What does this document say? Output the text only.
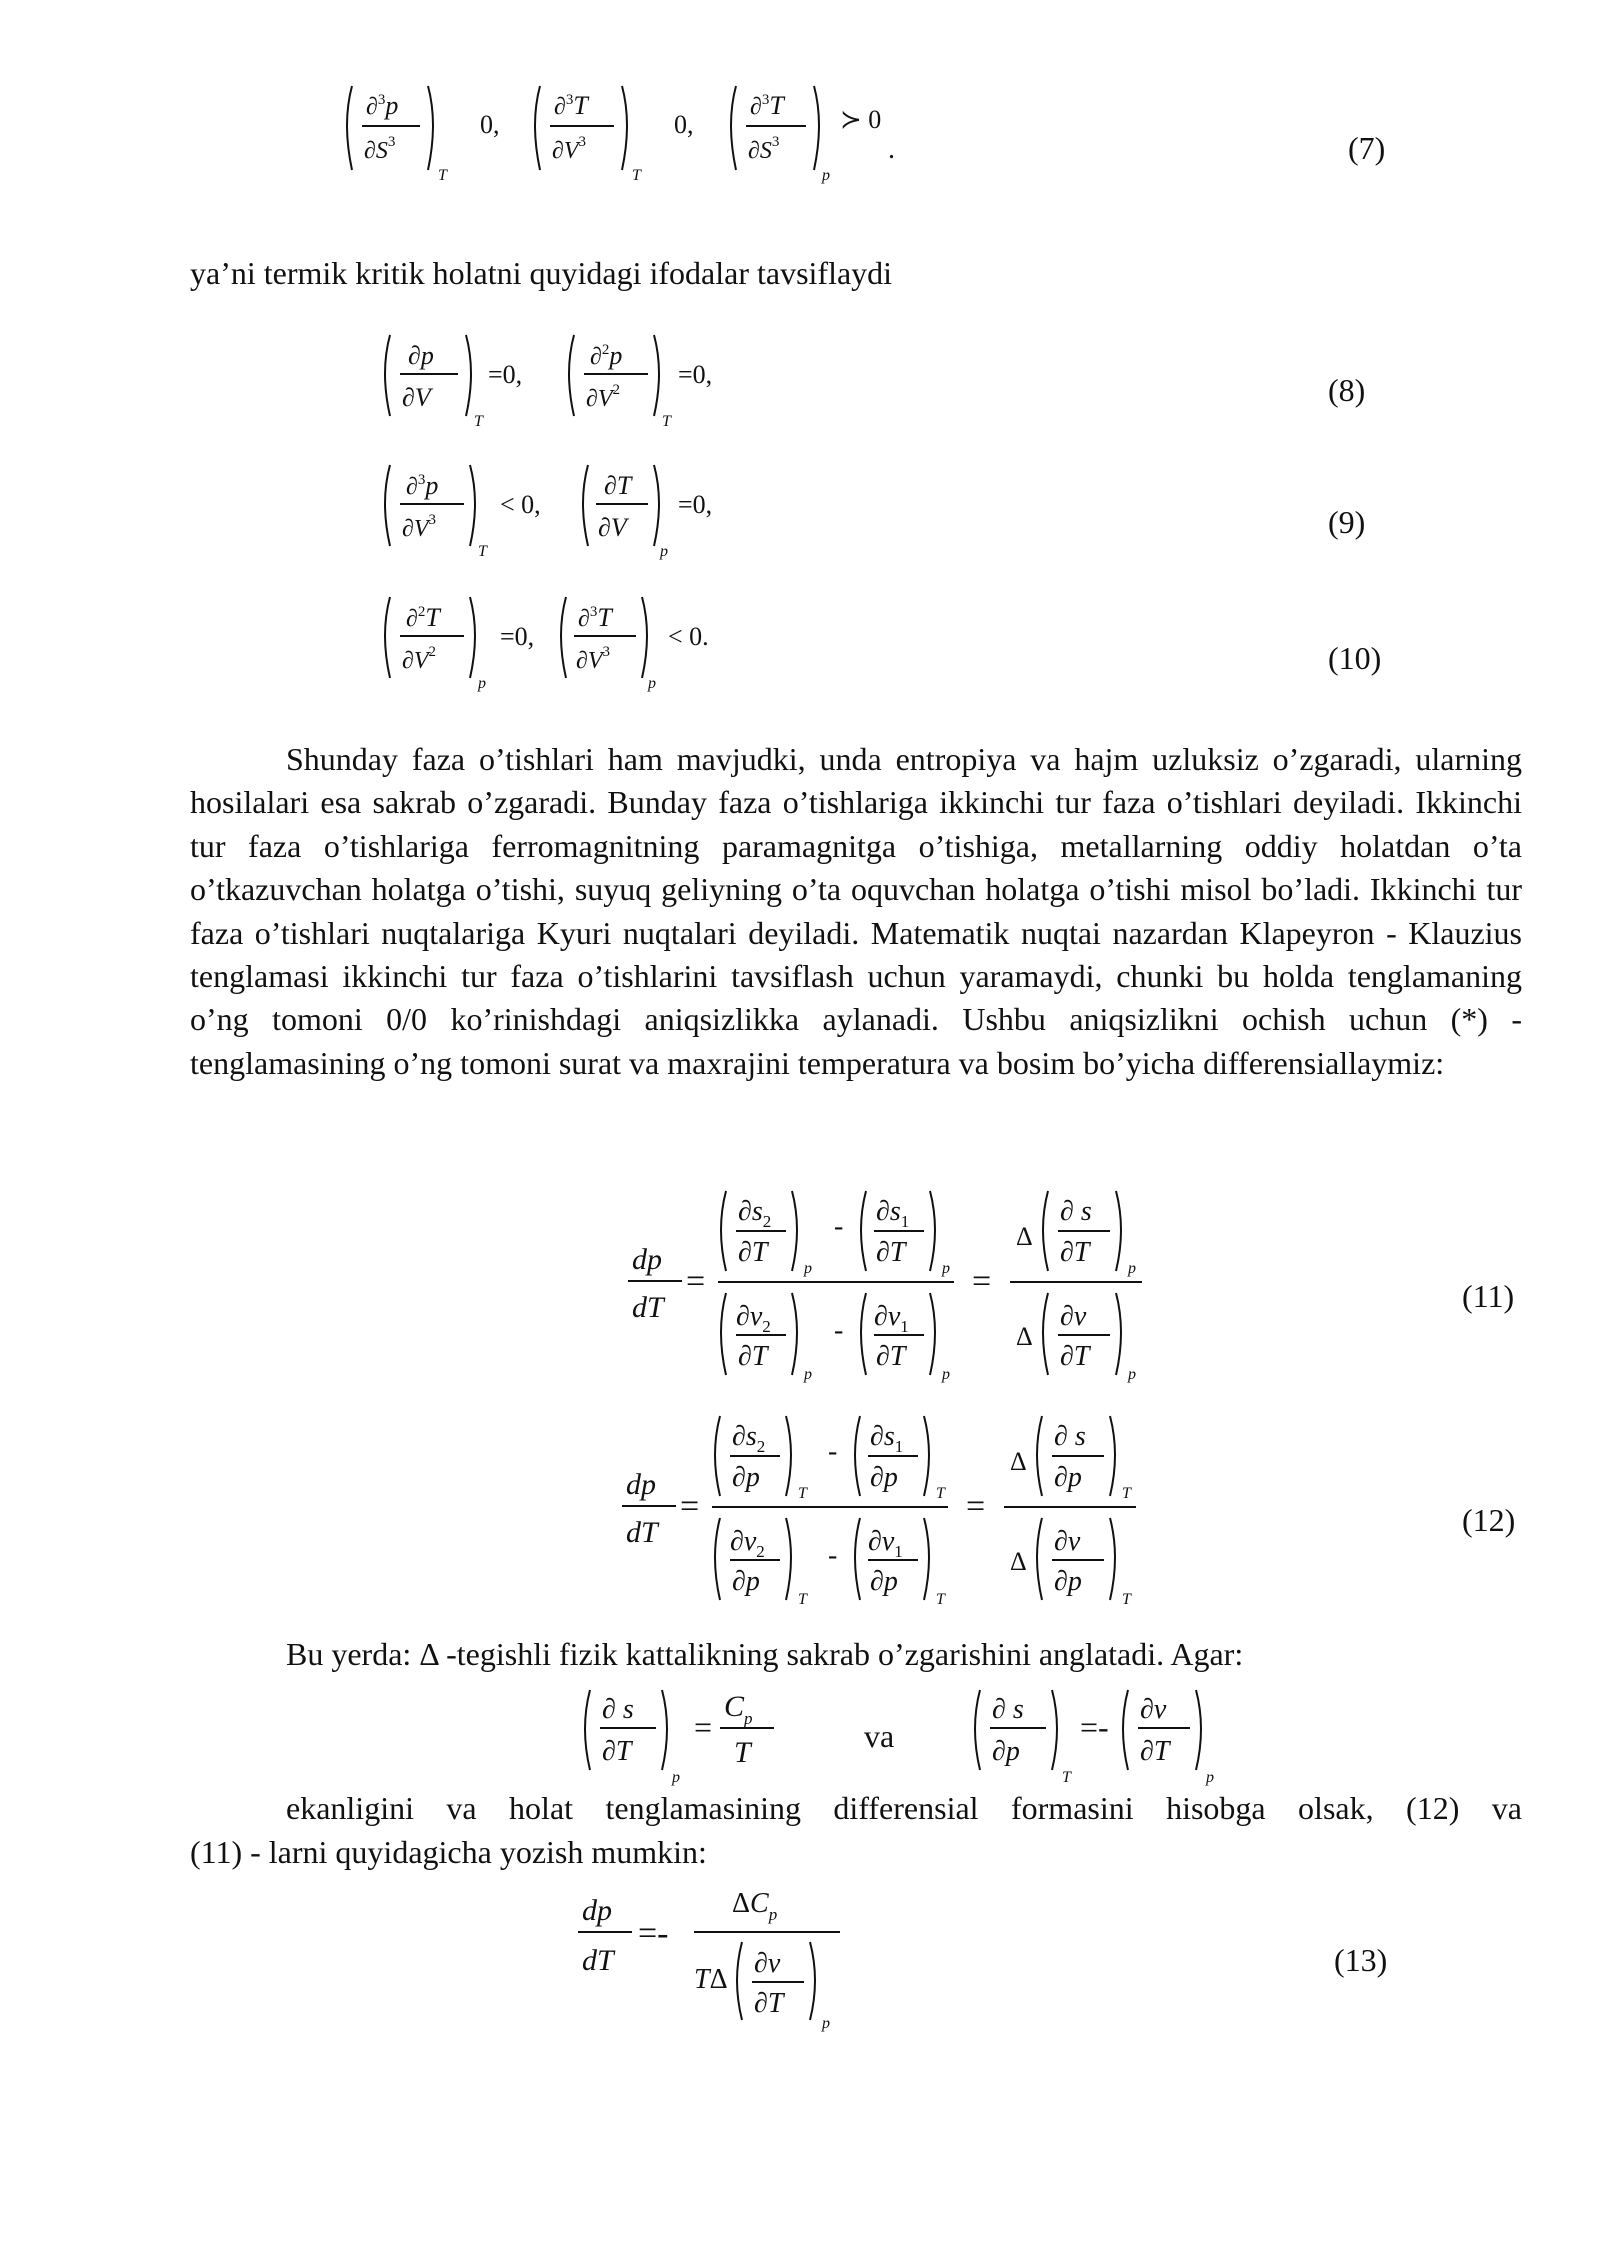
∂$^3$p
$\partial S^3$
T
0,
∂$^3$T
$\partial V^3$
T
0,
∂$^3$T
$\partial S^3$
p
≻ 0
.	(7)
ya’ni termik kritik holatni quyidagi ifodalar tavsiflaydi
∂p
∂V
T
=0,
∂$^2$p
$\partial V^2$
T
=0,	(8)
∂$^3$p
$\partial V^3$
T
< 0,
∂T
∂V
p
=0,	(9)
∂$^2$T
$\partial V^2$
p
=0,
∂$^3$T
$\partial V^3$
p
< 0.
(10)
Shunday faza o’tishlari ham mavjudki, unda entropiya va hajm uzluksiz o’zgaradi, ularning hosilalari esa sakrab o’zgaradi. Bunday faza o’tishlariga ikkinchi tur faza o’tishlari deyiladi. Ikkinchi tur faza o’tishlariga ferromagnitning paramagnitga o’tishiga, metallarning oddiy holatdan o’ta o’tkazuvchan holatga o’tishi, suyuq geliyning o’ta oquvchan holatga o’tishi misol bo’ladi. Ikkinchi tur faza o’tishlari nuqtalariga Kyuri nuqtalari deyiladi. Matematik nuqtai nazardan Klapeyron - Klauzius tenglamasi ikkinchi tur faza o’tishlarini tavsiflash uchun yaramaydi, chunki bu holda tenglamaning o’ng tomoni 0/0 ko’rinishdagi aniqsizlikka aylanadi. Ushbu aniqsizlikni ochish uchun (*) - tenglamasining o’ng tomoni surat va maxrajini temperatura va bosim bo’yicha differensiallaymiz:
dp
dT
=
$\partial s_2$
∂T
p
- $\partial s_1$
∂T
p
$\partial v_2$
∂T
p
- $\partial v_1$
∂T
p
=
Δ
∂ s
∂T
p
Δ
∂v
∂T
p
(11)
dp
dT
=
$\partial s_2$
∂p
T
- $\partial s_1$
∂p
T
$\partial v_2$
∂p
T
- $\partial v_1$
∂p
T
=
Δ
∂ s
∂p
T
Δ
∂v
∂p
T
(12)
Bu yerda: Δ -tegishli fizik kattalikning sakrab o’zgarishini anglatadi. Agar:
∂ s
∂T
p
=
$C_p$
T	va
∂ s
∂p
T
=- ∂v
∂T
p
ekanligini va holat tenglamasining differensial formasini hisobga olsak, (12) va
(11) - larni quyidagicha yozish mumkin:
dp
dT
=-
$\Delta C_p$
TΔ
∂v
∂T
p
(13)
